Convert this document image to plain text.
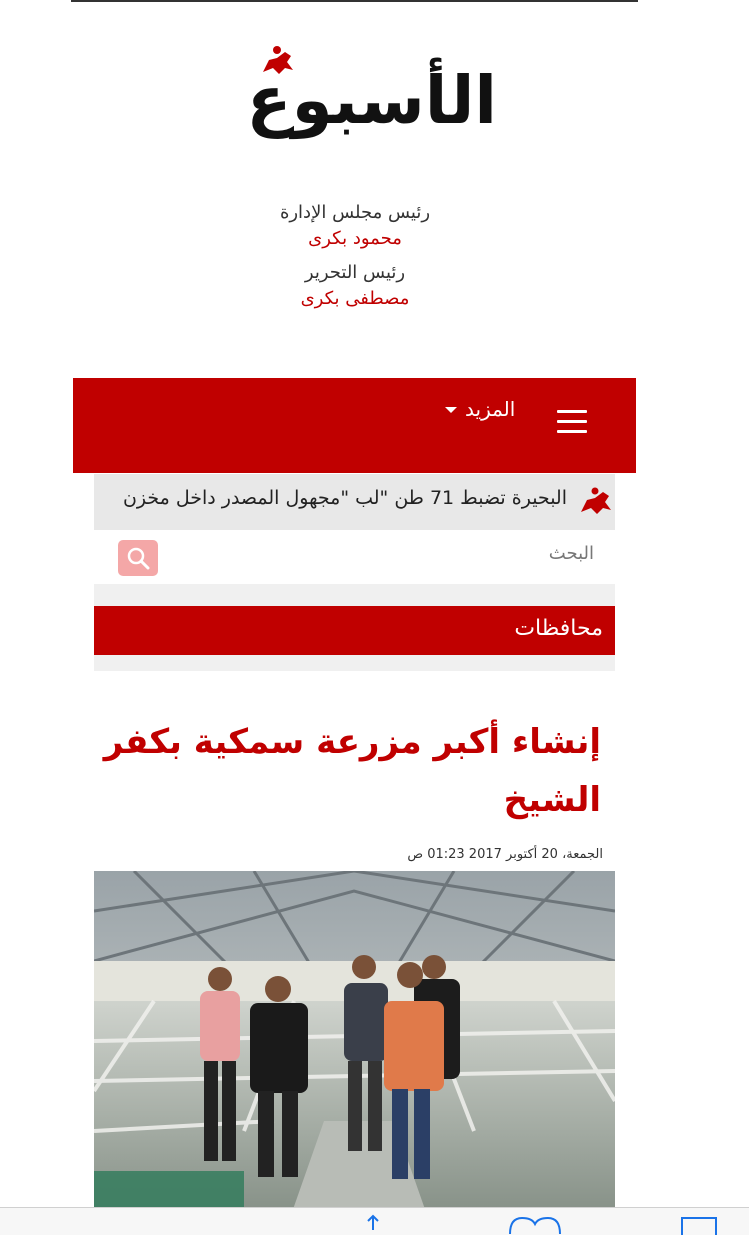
الأسبوع
رئيس مجلس الإدارة
محمود بكرى
رئيس التحرير
مصطفى بكرى
المزيد
البحيرة تضبط 71 طن "لب "مجهول المصدر داخل مخزن
البحث
محافظات
إنشاء أكبر مزرعة سمكية بكفر الشيخ
الجمعة، 20 أكتوبر 2017 01:23 ص
